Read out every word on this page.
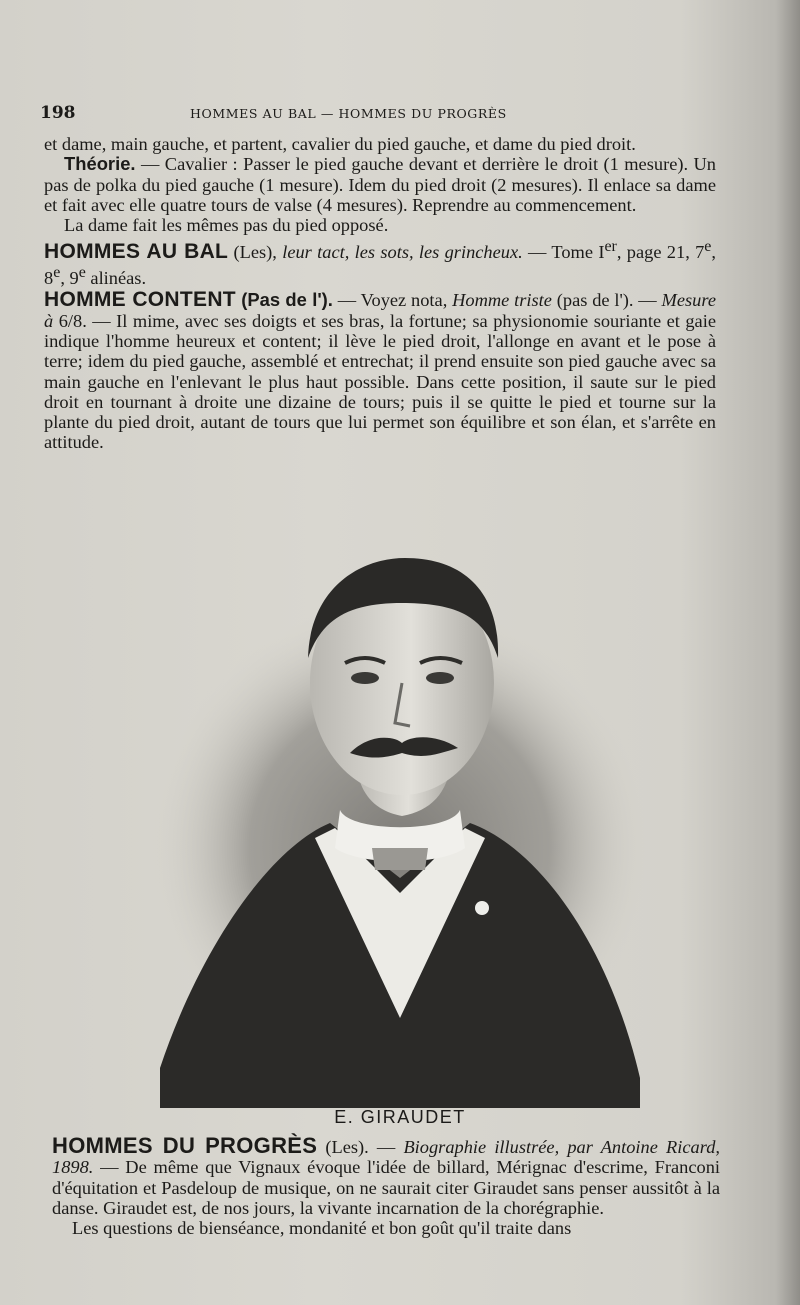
198	HOMMES AU BAL — HOMMES DU PROGRÈS

et dame, main gauche, et partent, cavalier du pied gauche, et dame du pied droit.

Théorie. — Cavalier : Passer le pied gauche devant et derrière le droit (1 mesure). Un pas de polka du pied gauche (1 mesure). Idem du pied droit (2 mesures). Il enlace sa dame et fait avec elle quatre tours de valse (4 mesures). Reprendre au commencement.

La dame fait les mêmes pas du pied opposé.

HOMMES AU BAL (Les), leur tact, les sots, les grincheux. — Tome Ier, page 21, 7e, 8e, 9e alinéas.

HOMME CONTENT (Pas de l'). — Voyez nota, Homme triste (pas de l'). — Mesure à 6/8. — Il mime, avec ses doigts et ses bras, la fortune; sa physionomie souriante et gaie indique l'homme heureux et content; il lève le pied droit, l'allonge en avant et le pose à terre; idem du pied gauche, assemblé et entrechat; il prend ensuite son pied gauche avec sa main gauche en l'enlevant le plus haut possible. Dans cette position, il saute sur le pied droit en tournant à droite une dizaine de tours; puis il se quitte le pied et tourne sur la plante du pied droit, autant de tours que lui permet son équilibre et son élan, et s'arrête en attitude.

E. GIRAUDET

HOMMES DU PROGRÈS (Les). — Biographie illustrée, par Antoine Ricard, 1898. — De même que Vignaux évoque l'idée de billard, Mérignac d'escrime, Franconi d'équitation et Pasdeloup de musique, on ne saurait citer Giraudet sans penser aussitôt à la danse. Giraudet est, de nos jours, la vivante incarnation de la chorégraphie.

Les questions de bienséance, mondanité et bon goût qu'il traite dans
